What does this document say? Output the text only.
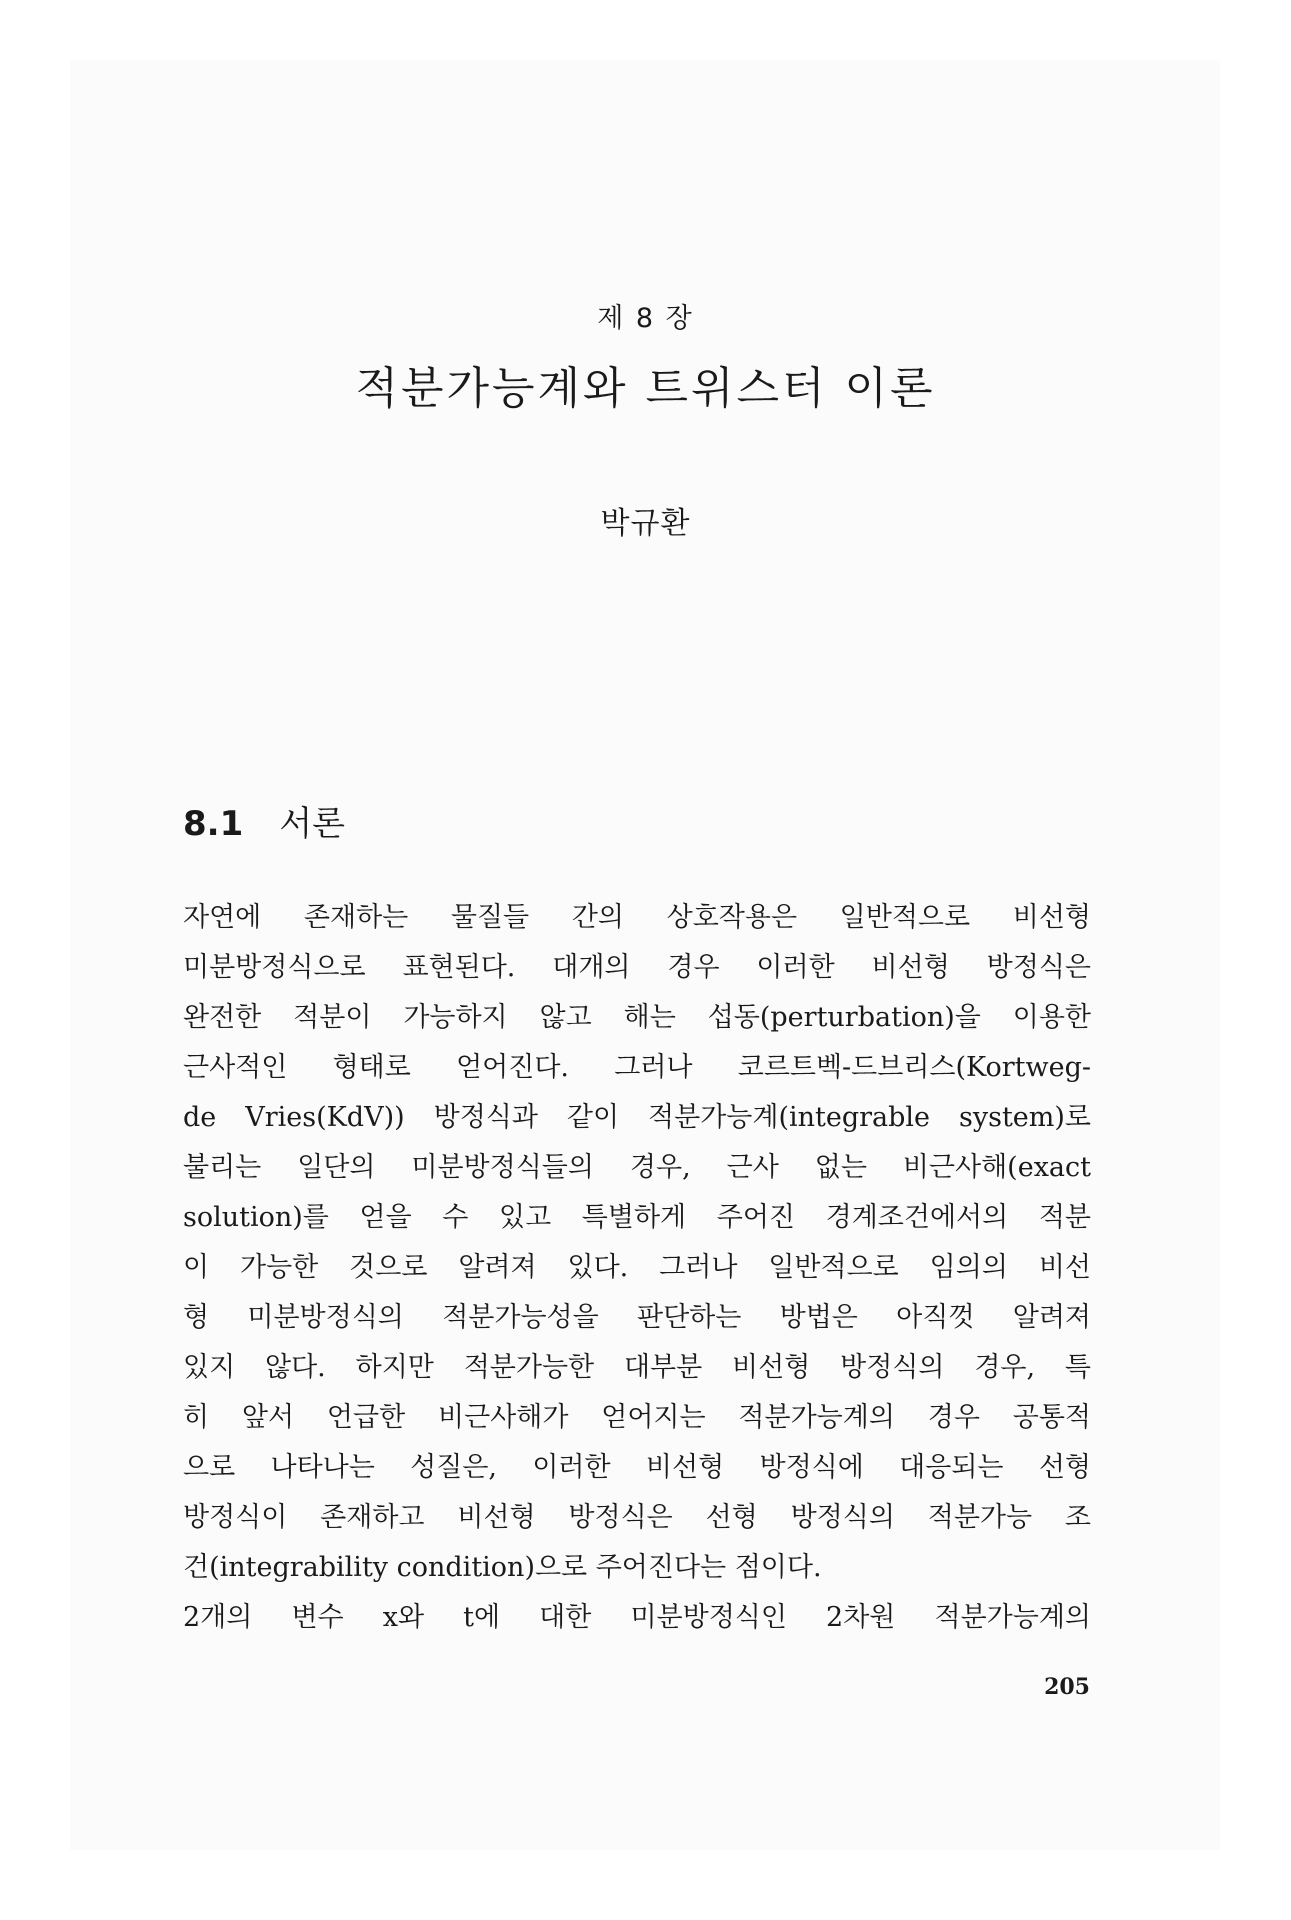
제 8 장
적분가능계와 트위스터 이론
박규환
8.1 서론
자연에 존재하는 물질들 간의 상호작용은 일반적으로 비선형
미분방정식으로 표현된다. 대개의 경우 이러한 비선형 방정식은
완전한 적분이 가능하지 않고 해는 섭동(perturbation)을 이용한
근사적인 형태로 얻어진다. 그러나 코르트벡-드브리스(Kortweg-
de Vries(KdV)) 방정식과 같이 적분가능계(integrable system)로
불리는 일단의 미분방정식들의 경우, 근사 없는 비근사해(exact
solution)를 얻을 수 있고 특별하게 주어진 경계조건에서의 적분
이 가능한 것으로 알려져 있다. 그러나 일반적으로 임의의 비선
형 미분방정식의 적분가능성을 판단하는 방법은 아직껏 알려져
있지 않다. 하지만 적분가능한 대부분 비선형 방정식의 경우, 특
히 앞서 언급한 비근사해가 얻어지는 적분가능계의 경우 공통적
으로 나타나는 성질은, 이러한 비선형 방정식에 대응되는 선형
방정식이 존재하고 비선형 방정식은 선형 방정식의 적분가능 조
건(integrability condition)으로 주어진다는 점이다.
2개의 변수 x와 t에 대한 미분방정식인 2차원 적분가능계의
205
